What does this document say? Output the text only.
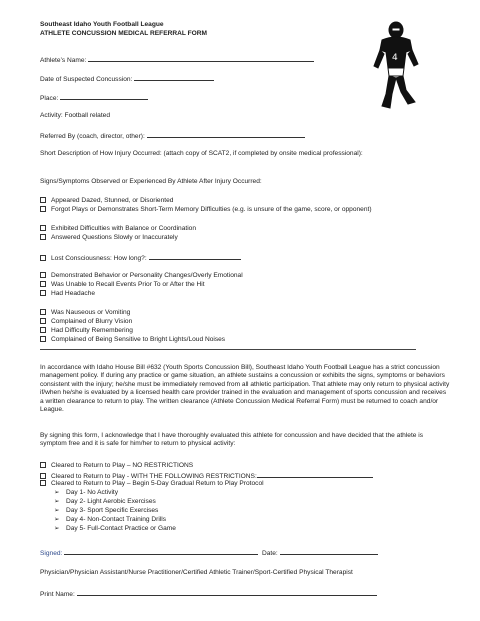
Southeast Idaho Youth Football League
ATHLETE CONCUSSION MEDICAL REFERRAL FORM
4
Athlete’s Name:
Date of Suspected Concussion:
Place:
Activity: Football related
Referred By (coach, director, other):
Short Description of How Injury Occurred: (attach copy of SCAT2, if completed by onsite medical professional):
Signs/Symptoms Observed or Experienced By Athlete After Injury Occurred:
Appeared Dazed, Stunned, or Disoriented
Forgot Plays or Demonstrates Short-Term Memory Difficulties (e.g. is unsure of the game, score, or opponent)
Exhibited Difficulties with Balance or Coordination
Answered Questions Slowly or Inaccurately
Lost Consciousness: How long?:
Demonstrated Behavior or Personality Changes/Overly Emotional
Was Unable to Recall Events Prior To or After the Hit
Had Headache
Was Nauseous or Vomiting
Complained of Blurry Vision
Had Difficulty Remembering
Complained of Being Sensitive to Bright Lights/Loud Noises
In accordance with Idaho House Bill #632 (Youth Sports Concussion Bill), Southeast Idaho Youth Football League has a strict concussion management policy. If during any practice or game situation, an athlete sustains a concussion or exhibits the signs, symptoms or behaviors consistent with the injury; he/she must be immediately removed from all athletic participation. That athlete may only return to physical activity if/when he/she is evaluated by a licensed health care provider trained in the evaluation and management of sports concussion and receives a written clearance to return to play. The written clearance (Athlete Concussion Medical Referral Form) must be returned to coach and/or League.
By signing this form, I acknowledge that I have thoroughly evaluated this athlete for concussion and have decided that the athlete is symptom free and it is safe for him/her to return to physical activity:
Cleared to Return to Play – NO RESTRICTIONS
Cleared to Return to Play - WITH THE FOLLOWING RESTRICTIONS:
Cleared to Return to Play – Begin 5-Day Gradual Return to Play Protocol
➢ Day 1- No Activity
➢ Day 2- Light Aerobic Exercises
➢ Day 3- Sport Specific Exercises
➢ Day 4- Non-Contact Training Drills
➢ Day 5- Full-Contact Practice or Game
Signed:	Date:
Physician/Physician Assistant/Nurse Practitioner/Certified Athletic Trainer/Sport-Certified Physical Therapist
Print Name:
